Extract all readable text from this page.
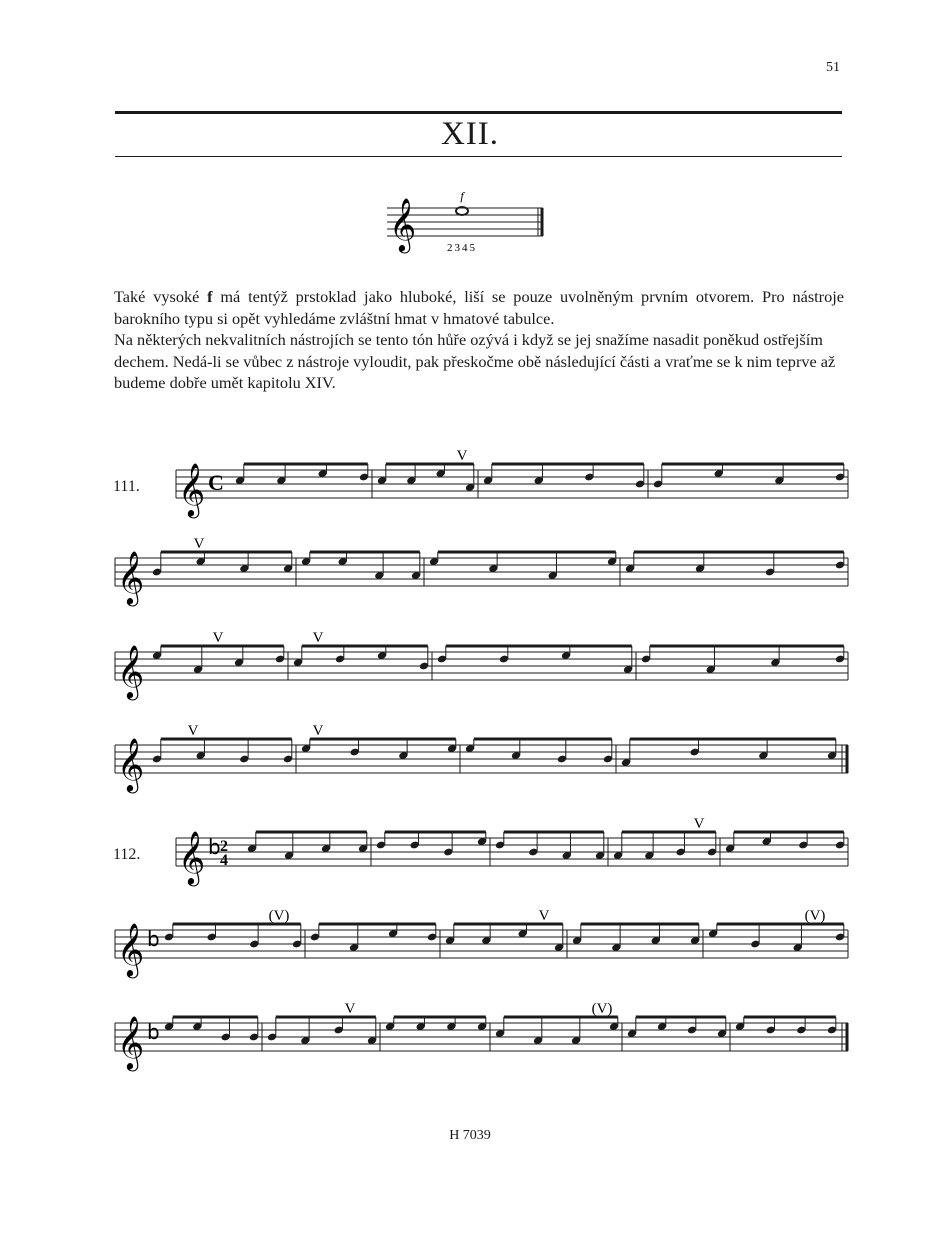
51
XII.
𝄞
f
2345

Také vysoké f má tentýž prstoklad jako hluboké, liší se pouze uvolněným prvním otvorem. Pro nástroje barokního typu si opět vyhledáme zvláštní hmat v hmatové tabulce.

Na některých nekvalitních nástrojích se tento tón hůře ozývá i když se jej snažíme nasadit poněkud ostřejším dechem. Nedá-li se vůbec z nástroje vyloudit, pak přeskočme obě následující části a vraťme se k nim teprve až budeme dobře umět kapitolu XIV.

111.
112.
𝄞 C
V
𝄞
V
𝄞
V	V
𝄞
V	V
𝄞 b 2
4
V
𝄞 b
(V)	V	(V)
𝄞 b
V	(V)
H 7039
